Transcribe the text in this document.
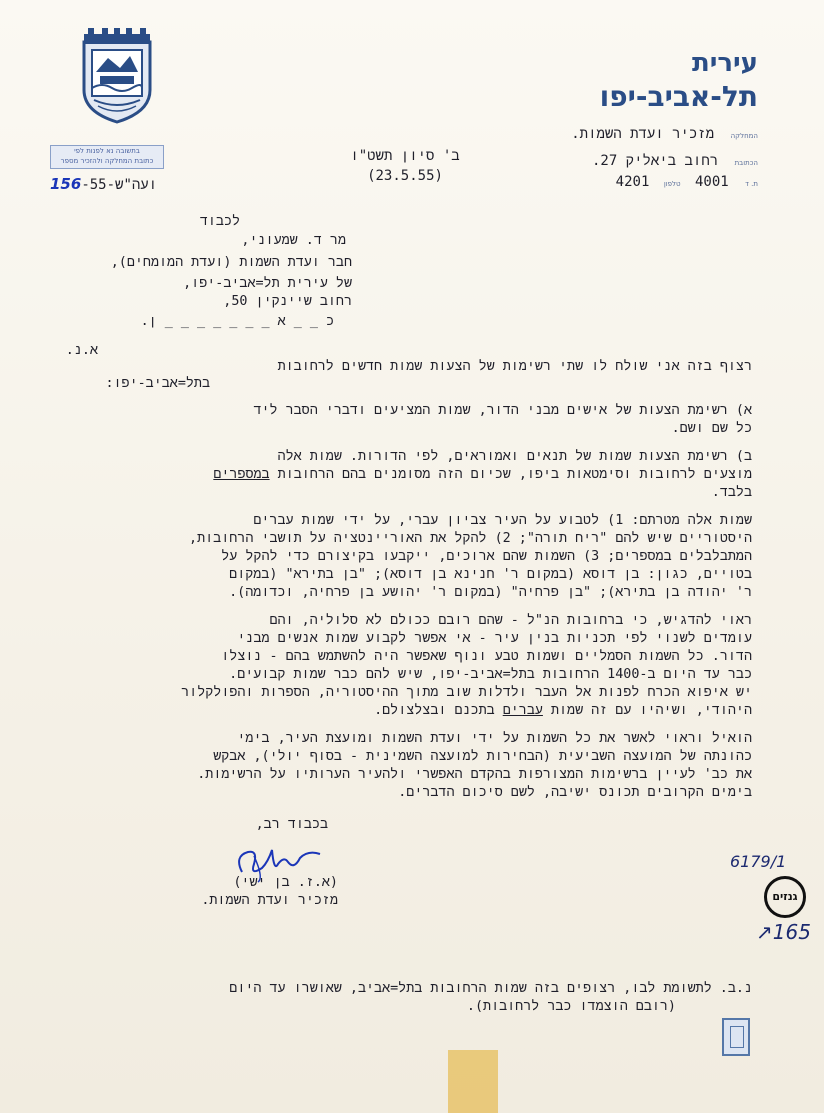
עירית
תל-אביב-יפו
המחלקה מזכיר ועדת השמות.
הכתובת רחוב ביאליק 27.
ת. ד 4001 טלפון 4201
ב' סיון תשט"ו
(23.5.55)
בתשובה נא לפנות לפי
כתובת המחלקה ולהזכיר מספר
156ועה"ש-55-
לכבוד
מר ד. שמעוני,
חבר ועדת השמות (ועדת המומחים),
של עירית תל=אביב-יפו,
רחוב שיינקין 50,
כ _ _ א _ _ _ _ _ _ _ ן.
א.נ.
רצוף בזה אני שולח לו שתי רשימות של הצעות שמות חדשים לרחובות
בתל=אביב-יפו:
א) רשימת הצעות של אישים מבני הדור, שמות המציעים ודברי הסבר ליד
כל שם ושם.
ב) רשימת הצעות שמות של תנאים ואמוראים, לפי הדורות. שמות אלה
מוצעים לרחובות וסימטאות ביפו, שכיום הזה מסומנים בהם הרחובות במספרים
בלבד.
שמות אלה מטרתם: 1) לטבוע על העיר צביון עברי, על ידי שמות עברים
היסטוריים שיש להם "ריח תורה"; 2) להקל את האוריינטציה על תושבי הרחובות,
המתבלבלים במספרים; 3) השמות שהם ארוכים, ייקבעו בקיצורם כדי להקל על
בטויים, כגון: בן דוסא (במקום ר' חנינא בן דוסא); "בן בתירא" (במקום
ר' יהודה בן בתירא); "בן פרחיה" (במקום ר' יהושע בן פרחיה, וכדומה).
ראוי להדגיש, כי ברחובות הנ"ל - שהם רובם ככולם לא סלוליה, והם
עומדים לשנוי לפי תכניות בנין עיר - אי אפשר לקבוע שמות אנשים מבני
הדור. כל השמות הסמליים ושמות טבע ונוף שאפשר היה להשתמש בהם - נוצלו
כבר עד היום ב-1400 הרחובות בתל=אביב-יפו, שיש להם כבר שמות קבועים.
יש איפוא הכרח לפנות אל העבר ולדלות שוב מתוך ההיסטוריה, הספרות והפולקלור
היהודי, ושיהיו עם זה שמות עברים בתכנם ובצלצולם.
הואיל וראוי לאשר את כל השמות על ידי ועדת השמות ומועצת העיר, בימי
כהונתה של המועצה השביעית (הבחירות למועצה השמינית - בסוף יולי), אבקש
את כב' לעיין ברשימות המצורפות בהקדם האפשרי ולהעיר הערותיו על הרשימות.
בימים הקרובים תכונס ישיבה, לשם סיכום הדברים.
בכבוד רב,
(א.ז. בן ישי)
מזכיר ועדת השמות.
6179/1
גנזים
↗165
נ.ב. לתשומת לבו, רצופים בזה שמות הרחובות בתל=אביב, שאושרו עד היום
(רובם הוצמדו כבר לרחובות).
